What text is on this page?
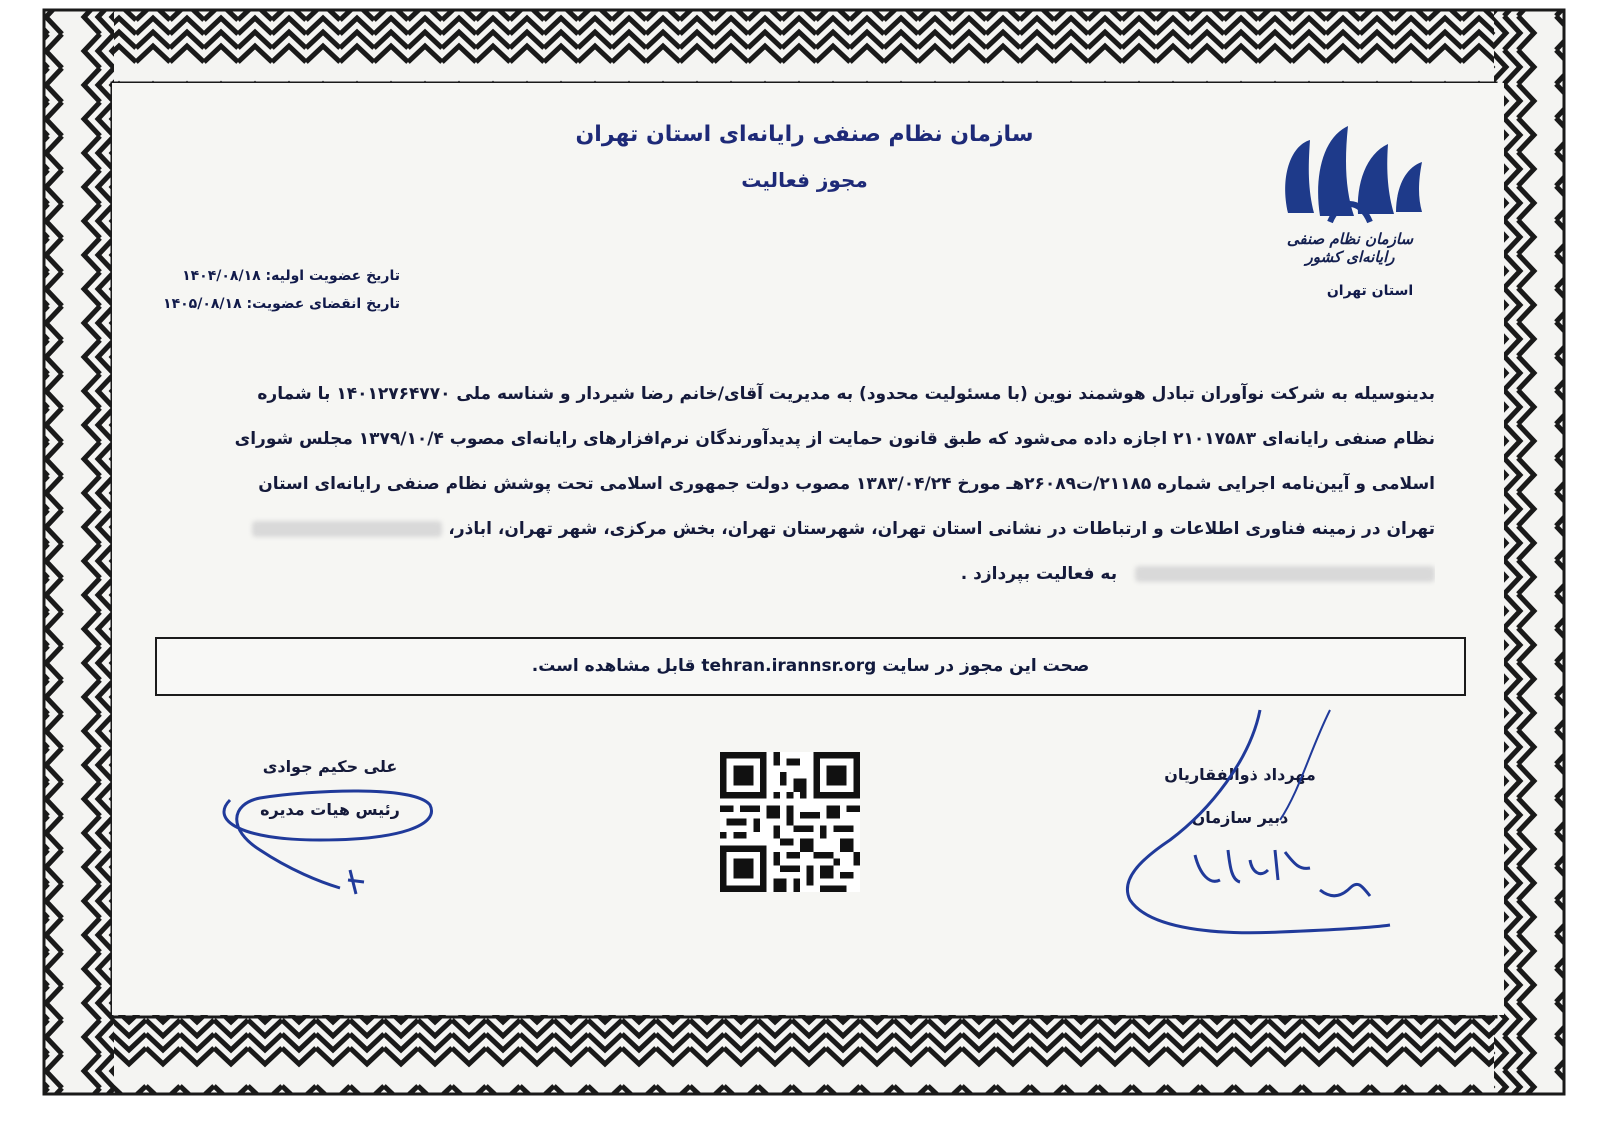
سازمان نظام صنفی رایانه‌ای استان تهران
مجوز فعالیت
سازمان نظام صنفی رایانه‌ای کشور
استان تهران
تاریخ عضویت اولیه: ۱۴۰۴/۰۸/۱۸
تاریخ انقضای عضویت: ۱۴۰۵/۰۸/۱۸
بدینوسیله به شرکت نوآوران تبادل هوشمند نوین (با مسئولیت محدود) به مدیریت آقای/خانم رضا شیردار و شناسه ملی ۱۴۰۱۲۷۶۴۷۷۰ با شماره
نظام صنفی رایانه‌ای ۲۱۰۱۷۵۸۳ اجازه داده می‌شود که طبق قانون حمایت از پدیدآورندگان نرم‌افزارهای رایانه‌ای مصوب ۱۳۷۹/۱۰/۴ مجلس شورای
اسلامی و آیین‌نامه اجرایی شماره ۲۱۱۸۵/ت۲۶۰۸۹هـ مورخ ۱۳۸۳/۰۴/۲۴ مصوب دولت جمهوری اسلامی تحت پوشش نظام صنفی رایانه‌ای استان
تهران در زمینه فناوری اطلاعات و ارتباطات در نشانی استان تهران، شهرستان تهران، بخش مرکزی، شهر تهران، اباذر،
به فعالیت بپردازد .
صحت این مجوز در سایت tehran.irannsr.org قابل مشاهده است.
علی حکیم جوادی
رئیس هیات مدیره
مهرداد ذوالفقاریان
دبیر سازمان
